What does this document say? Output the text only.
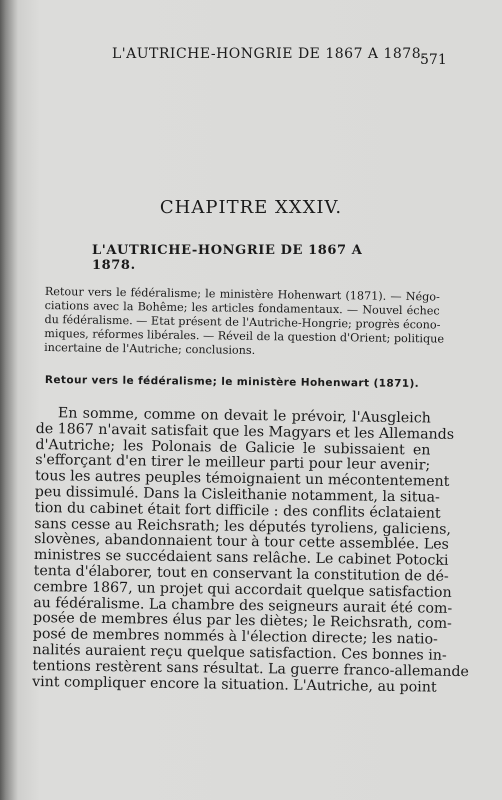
L'AUTRICHE-HONGRIE DE 1867 A 1878.
571
CHAPITRE XXXIV.
L'AUTRICHE-HONGRIE DE 1867 A 1878.
Retour vers le fédéralisme; le ministère Hohenwart (1871). — Négo-
ciations avec la Bohême; les articles fondamentaux. — Nouvel échec
du fédéralisme. — Etat présent de l'Autriche-Hongrie; progrès écono-
miques, réformes libérales. — Réveil de la question d'Orient; politique
incertaine de l'Autriche; conclusions.
Retour vers le fédéralisme; le ministère Hohenwart (1871).
En somme, comme on devait le prévoir, l'Ausgleich
de 1867 n'avait satisfait que les Magyars et les Allemands
d'Autriche; les Polonais de Galicie le subissaient en
s'efforçant d'en tirer le meilleur parti pour leur avenir;
tous les autres peuples témoignaient un mécontentement
peu dissimulé. Dans la Cisleithanie notamment, la situa-
tion du cabinet était fort difficile : des conflits éclataient
sans cesse au Reichsrath; les députés tyroliens, galiciens,
slovènes, abandonnaient tour à tour cette assemblée. Les
ministres se succédaient sans relâche. Le cabinet Potocki
tenta d'élaborer, tout en conservant la constitution de dé-
cembre 1867, un projet qui accordait quelque satisfaction
au fédéralisme. La chambre des seigneurs aurait été com-
posée de membres élus par les diètes; le Reichsrath, com-
posé de membres nommés à l'élection directe; les natio-
nalités auraient reçu quelque satisfaction. Ces bonnes in-
tentions restèrent sans résultat. La guerre franco-allemande
vint compliquer encore la situation. L'Autriche, au point
